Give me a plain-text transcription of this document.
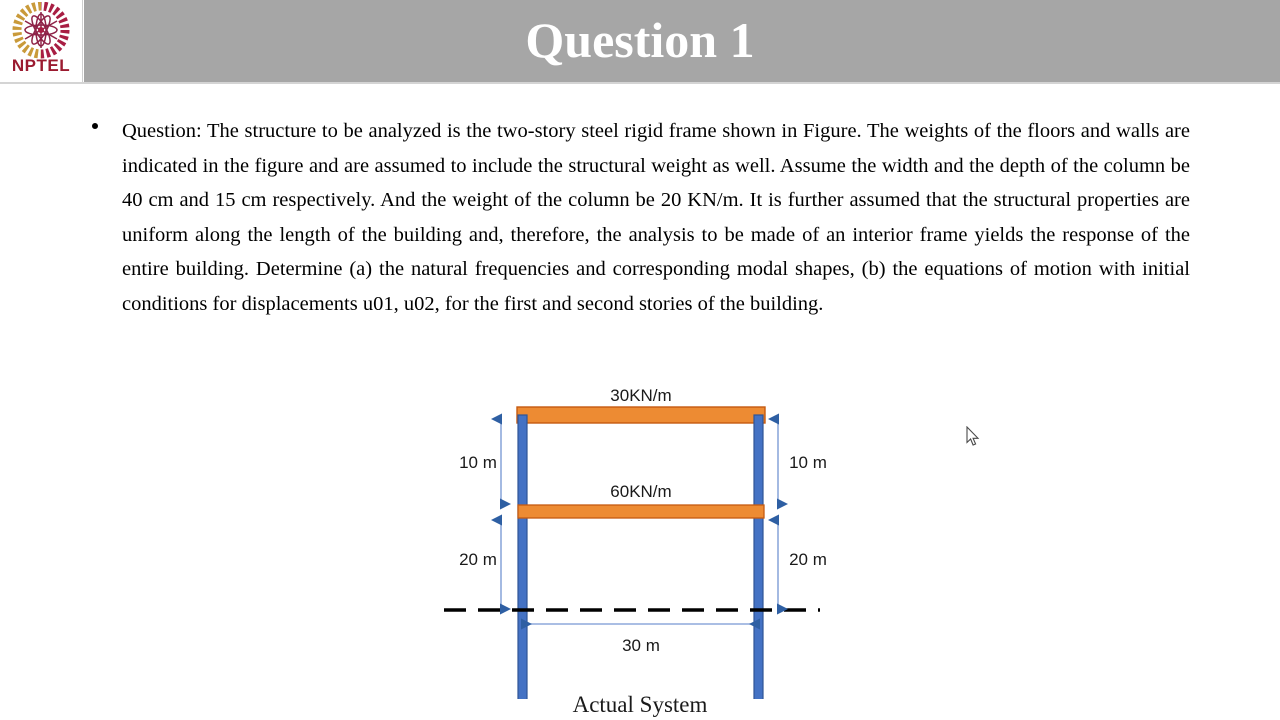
NPTEL	Question 1
Question: The structure to be analyzed is the two-story steel rigid frame shown in Figure. The weights of the floors and walls are indicated in the figure and are assumed to include the structural weight as well. Assume the width and the depth of the column be 40 cm and 15 cm respectively. And the weight of the column be 20 KN/m. It is further assumed that the structural properties are uniform along the length of the building and, therefore, the analysis to be made of an interior frame yields the response of the entire building. Determine (a) the natural frequencies and corresponding modal shapes, (b) the equations of motion with initial conditions for displacements u01, u02, for the first and second stories of the building.
30KN/m
60KN/m
10 m
20 m
10 m
20 m
30 m
Actual System
